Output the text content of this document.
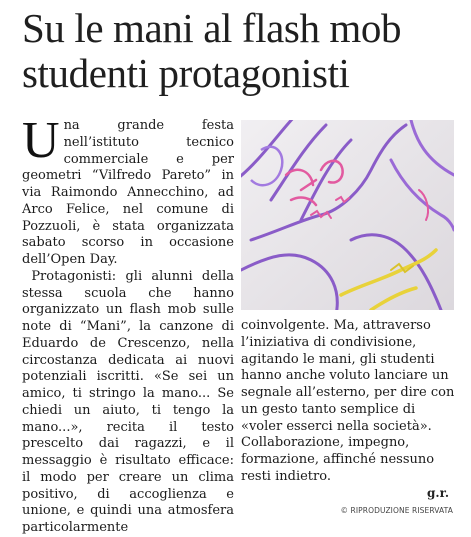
Su le mani al flash mob
studenti protagonisti

Una grande festa nell’istituto tecnico commerciale e per geometri “Vilfredo Pareto” in via Raimondo Annecchino, ad Arco Felice, nel comune di Pozzuoli, è stata organizzata sabato scorso in occasione dell’Open Day.

Protagonisti: gli alunni della stessa scuola che hanno organizzato un flash mob sulle note di “Mani”, la canzone di Eduardo de Crescenzo, nella circostanza dedicata ai nuovi potenziali iscritti. «Se sei un amico, ti stringo la mano... Se chiedi un aiuto, ti tengo la mano...», recita il testo prescelto dai ragazzi, e il messaggio è risultato efficace: il modo per creare un clima positivo, di accoglienza e unione, e quindi una atmosfera particolarmente

coinvolgente. Ma, attraverso l’iniziativa di condivisione, agitando le mani, gli studenti hanno anche voluto lanciare un segnale all’esterno, per dire con un gesto tanto semplice di «voler esserci nella società».

Collaborazione, impegno, formazione, affinché nessuno resti indietro.

g.r.
© RIPRODUZIONE RISERVATA
